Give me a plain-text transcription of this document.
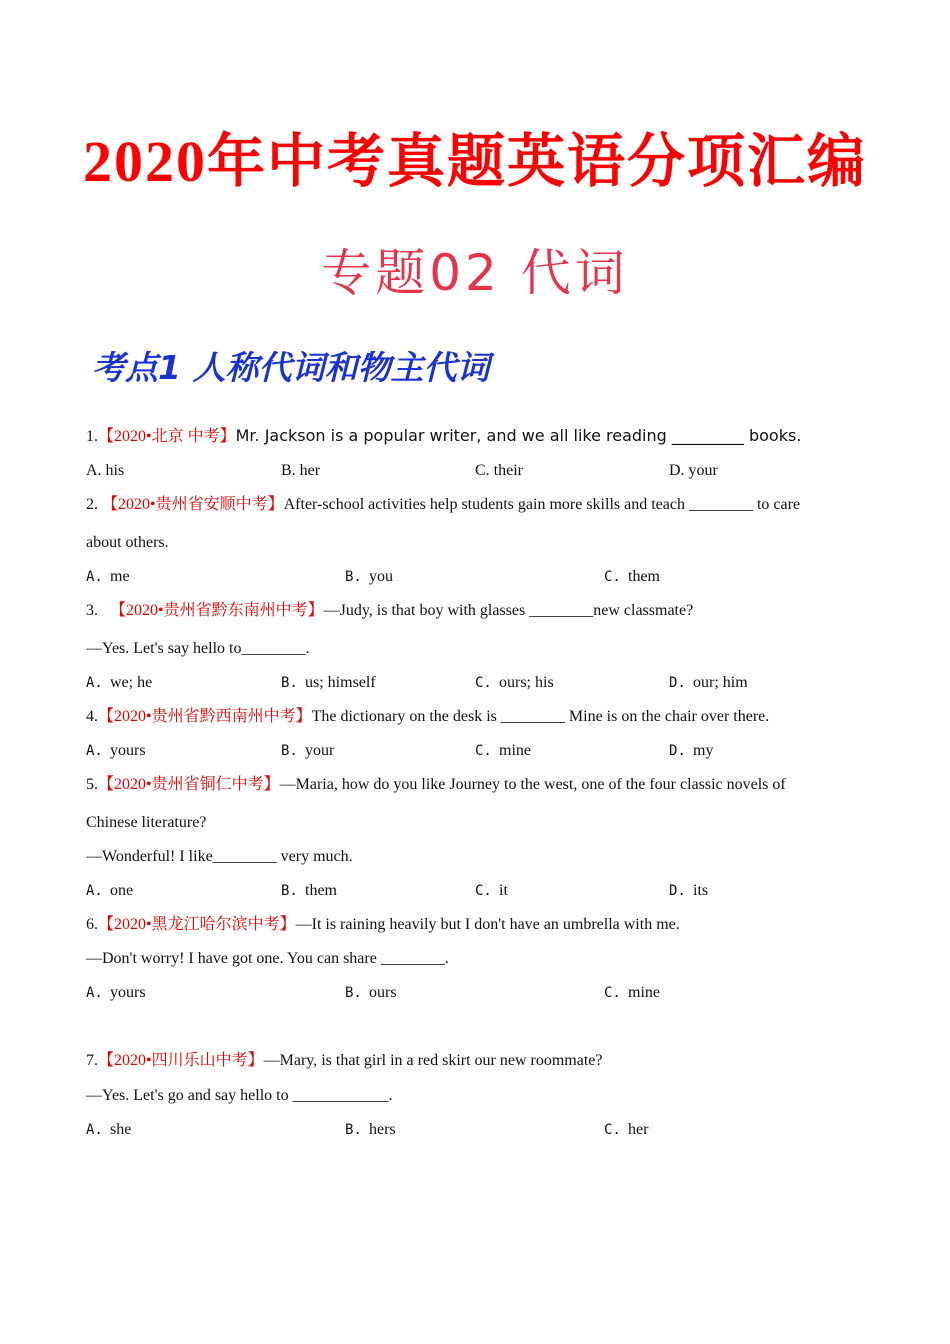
2020年中考真题英语分项汇编
专题02 代词
考点1 人称代词和物主代词
1.【2020•北京 中考】Mr. Jackson is a popular writer, and we all like reading _________ books.
A. his	B. her	C. their	D. your
2. 【2020•贵州省安顺中考】After-school activities help students gain more skills and teach ________ to care
about others.
A. me	B. you	C. them
3. 【2020•贵州省黔东南州中考】—Judy, is that boy with glasses ________new classmate?
—Yes. Let's say hello to________.
A. we; he	B. us; himself	C. ours; his	D. our; him
4.【2020•贵州省黔西南州中考】The dictionary on the desk is ________ Mine is on the chair over there.
A. yours	B. your	C. mine	D. my
5.【2020•贵州省铜仁中考】—Maria, how do you like Journey to the west, one of the four classic novels of
Chinese literature?
—Wonderful! I like________ very much.
A. one	B. them	C. it	D. its
6.【2020•黑龙江哈尔滨中考】—It is raining heavily but I don't have an umbrella with me.
—Don't worry! I have got one. You can share ________.
A. yours	B. ours	C. mine
7.【2020•四川乐山中考】—Mary, is that girl in a red skirt our new roommate?
—Yes. Let's go and say hello to ____________.
A. she	B. hers	C. her
